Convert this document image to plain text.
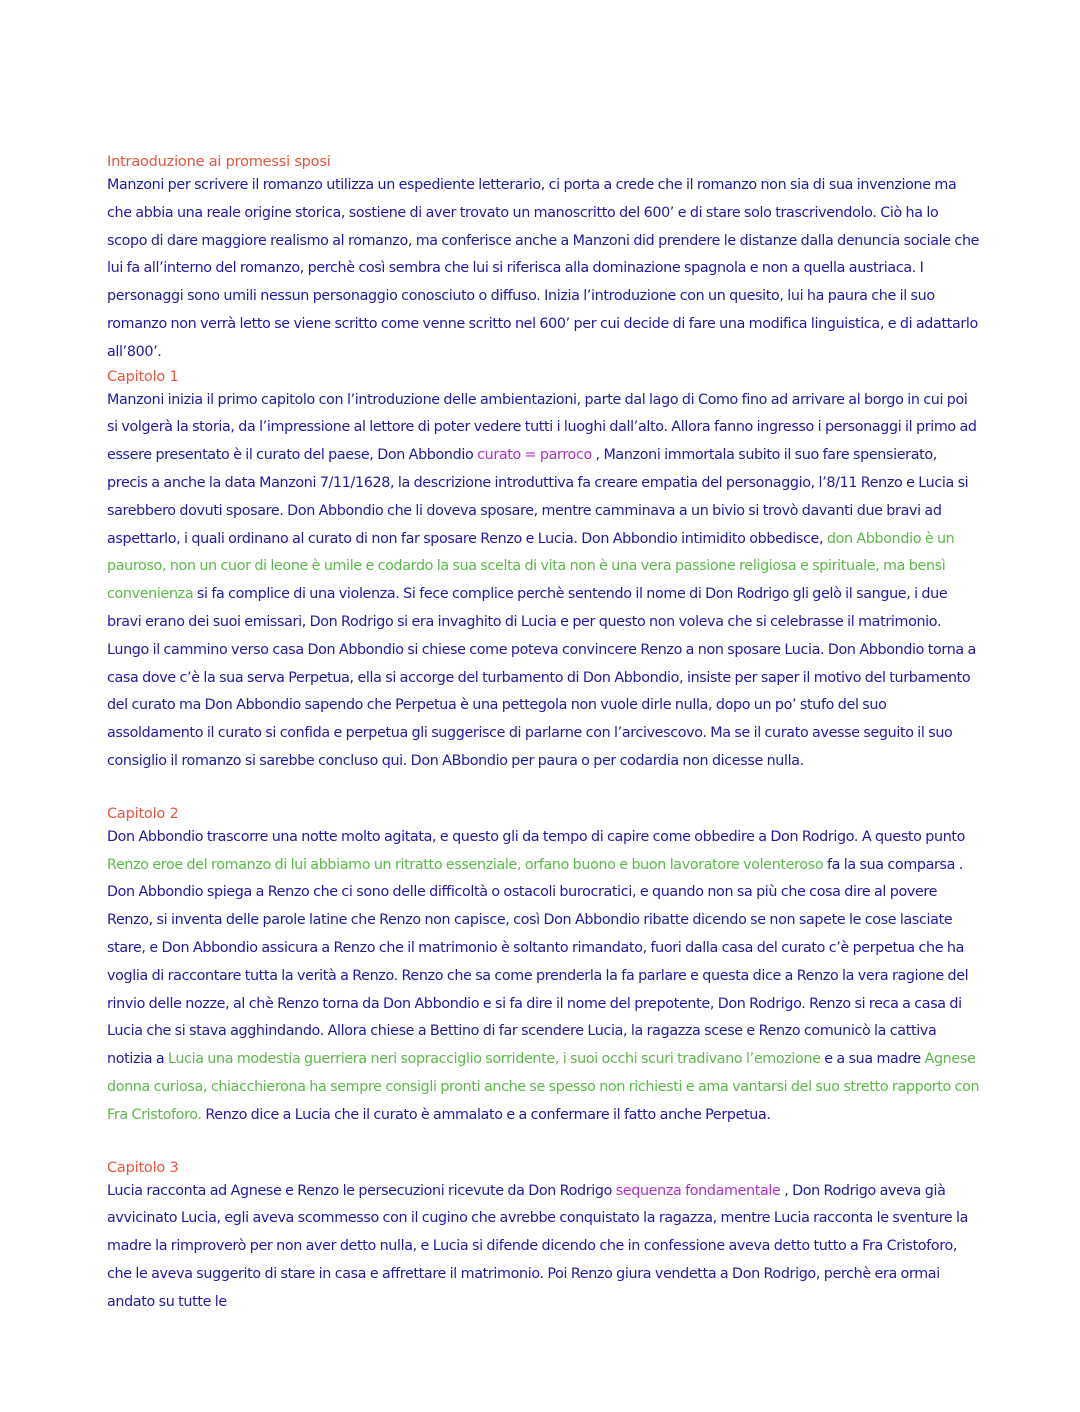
Intraoduzione ai promessi sposi

Manzoni per scrivere il romanzo utilizza un espediente letterario, ci porta a crede che il romanzo non sia di sua invenzione ma che abbia una reale origine storica, sostiene di aver trovato un manoscritto del 600’ e di stare solo trascrivendolo. Ciò ha lo scopo di dare maggiore realismo al romanzo, ma conferisce anche a Manzoni did prendere le distanze dalla denuncia sociale che lui fa all’interno del romanzo, perchè così sembra che lui si riferisca alla dominazione spagnola e non a quella austriaca. I personaggi sono umili nessun personaggio conosciuto o diffuso. Inizia l’introduzione con un quesito, lui ha paura che il suo romanzo non verrà letto se viene scritto come venne scritto nel 600’ per cui decide di fare una modifica linguistica, e di adattarlo all’800’.

Capitolo 1

Manzoni inizia il primo capitolo con l’introduzione delle ambientazioni, parte dal lago di Como fino ad arrivare al borgo in cui poi si volgerà la storia, da l’impressione al lettore di poter vedere tutti i luoghi dall’alto. Allora fanno ingresso i personaggi il primo ad essere presentato è il curato del paese, Don Abbondio curato = parroco , Manzoni immortala subito il suo fare spensierato, precis a anche la data Manzoni 7/11/1628, la descrizione introduttiva fa creare empatia del personaggio, l’8/11 Renzo e Lucia si sarebbero dovuti sposare. Don Abbondio che li doveva sposare, mentre camminava a un bivio si trovò davanti due bravi ad aspettarlo, i quali ordinano al curato di non far sposare Renzo e Lucia. Don Abbondio intimidito obbedisce, don Abbondio è un pauroso, non un cuor di leone è umile e codardo la sua scelta di vita non è una vera passione religiosa e spirituale, ma bensì convenienza si fa complice di una violenza. Si fece complice perchè sentendo il nome di Don Rodrigo gli gelò il sangue, i due bravi erano dei suoi emissari, Don Rodrigo si era invaghito di Lucia e per questo non voleva che si celebrasse il matrimonio. Lungo il cammino verso casa Don Abbondio si chiese come poteva convincere Renzo a non sposare Lucia. Don Abbondio torna a casa dove c’è la sua serva Perpetua, ella si accorge del turbamento di Don Abbondio, insiste per saper il motivo del turbamento del curato ma Don Abbondio sapendo che Perpetua è una pettegola non vuole dirle nulla, dopo un po’ stufo del suo assoldamento il curato si confida e perpetua gli suggerisce di parlarne con l’arcivescovo. Ma se il curato avesse seguito il suo consiglio il romanzo si sarebbe concluso qui. Don ABbondio per paura o per codardia non dicesse nulla.

Capitolo 2

Don Abbondio trascorre una notte molto agitata, e questo gli da tempo di capire come obbedire a Don Rodrigo. A questo punto Renzo eroe del romanzo di lui abbiamo un ritratto essenziale, orfano buono e buon lavoratore volenteroso fa la sua comparsa . Don Abbondio spiega a Renzo che ci sono delle difficoltà o ostacoli burocratici, e quando non sa più che cosa dire al povere Renzo, si inventa delle parole latine che Renzo non capisce, così Don Abbondio ribatte dicendo se non sapete le cose lasciate stare, e Don Abbondio assicura a Renzo che il matrimonio è soltanto rimandato, fuori dalla casa del curato c’è perpetua che ha voglia di raccontare tutta la verità a Renzo. Renzo che sa come prenderla la fa parlare e questa dice a Renzo la vera ragione del rinvio delle nozze, al chè Renzo torna da Don Abbondio e si fa dire il nome del prepotente, Don Rodrigo. Renzo si reca a casa di Lucia che si stava agghindando. Allora chiese a Bettino di far scendere Lucia, la ragazza scese e Renzo comunicò la cattiva notizia a Lucia una modestia guerriera neri sopracciglio sorridente, i suoi occhi scuri tradivano l’emozione e a sua madre Agnese donna curiosa, chiacchierona ha sempre consigli pronti anche se spesso non richiesti e ama vantarsi del suo stretto rapporto con Fra Cristoforo. Renzo dice a Lucia che il curato è ammalato e a confermare il fatto anche Perpetua.

Capitolo 3

Lucia racconta ad Agnese e Renzo le persecuzioni ricevute da Don Rodrigo sequenza fondamentale , Don Rodrigo aveva già avvicinato Lucia, egli aveva scommesso con il cugino che avrebbe conquistato la ragazza, mentre Lucia racconta le sventure la madre la rimproverò per non aver detto nulla, e Lucia si difende dicendo che in confessione aveva detto tutto a Fra Cristoforo, che le aveva suggerito di stare in casa e affrettare il matrimonio. Poi Renzo giura vendetta a Don Rodrigo, perchè era ormai andato su tutte le
